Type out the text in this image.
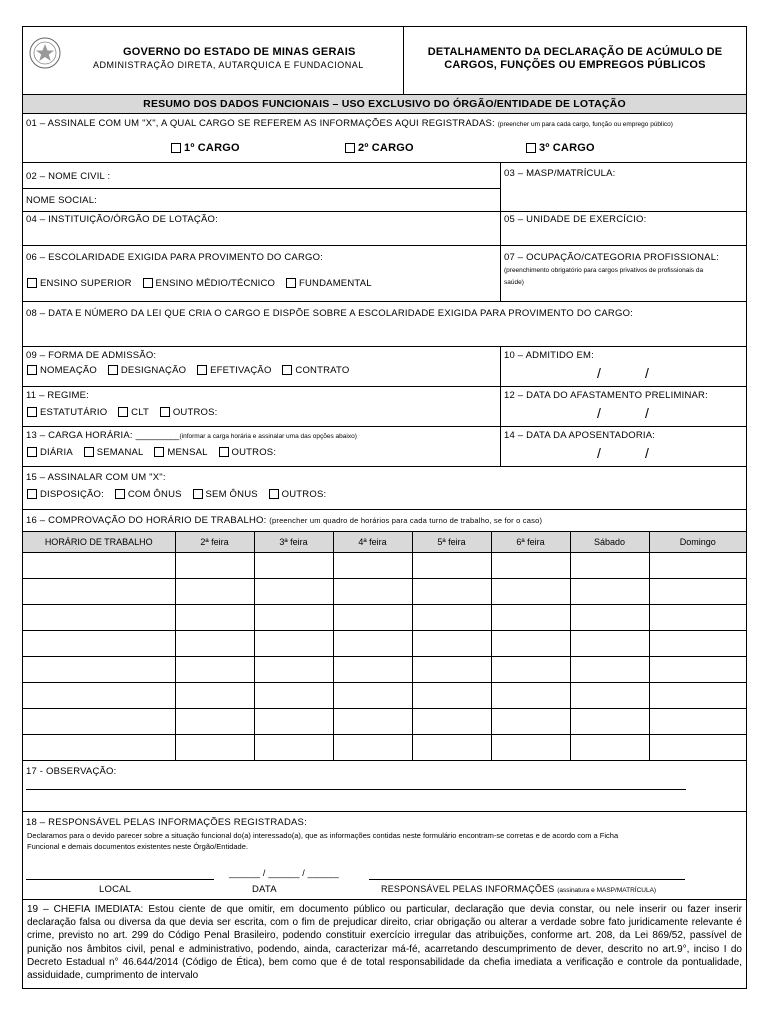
GOVERNO DO ESTADO DE MINAS GERAIS
ADMINISTRAÇÃO DIRETA, AUTARQUICA E FUNDACIONAL
DETALHAMENTO DA DECLARAÇÃO DE ACÚMULO DE
CARGOS, FUNÇÕES OU EMPREGOS PÚBLICOS
RESUMO DOS DADOS FUNCIONAIS – USO EXCLUSIVO DO ÓRGÃO/ENTIDADE DE LOTAÇÃO
01 – ASSINALE COM UM "X", A QUAL CARGO SE REFEREM AS INFORMAÇÕES AQUI REGISTRADAS: (preencher um para cada cargo, função ou emprego público)
1º CARGO	2º CARGO	3º CARGO
02 – NOME CIVIL :
NOME SOCIAL:
03 – MASP/MATRÍCULA:
04 – INSTITUIÇÃO/ÓRGÃO DE LOTAÇÃO:	05 – UNIDADE DE EXERCÍCIO:
06 – ESCOLARIDADE EXIGIDA PARA PROVIMENTO DO CARGO:
ENSINO SUPERIOR	ENSINO MÉDIO/TÉCNICO	FUNDAMENTAL
07 – OCUPAÇÃO/CATEGORIA PROFISSIONAL:
(preenchimento obrigatório para cargos privativos de profissionais da
saúde)
08 – DATA E NÚMERO DA LEI QUE CRIA O CARGO E DISPÕE SOBRE A ESCOLARIDADE EXIGIDA PARA PROVIMENTO DO CARGO:
09 – FORMA DE ADMISSÃO:
NOMEAÇÃO	DESIGNAÇÃO	EFETIVAÇÃO	CONTRATO
10 – ADMITIDO EM:
/	/
11 – REGIME:
ESTATUTÁRIO	CLT	OUTROS:
12 – DATA DO AFASTAMENTO PRELIMINAR:
/	/
13 – CARGA HORÁRIA: ________(informar a carga horária e assinalar uma das opções abaixo)
DIÁRIA	SEMANAL	MENSAL	OUTROS:
14 – DATA DA APOSENTADORIA:
/	/
15 – ASSINALAR COM UM "X":
DISPOSIÇÃO:	COM ÔNUS	SEM ÔNUS	OUTROS:
16 – COMPROVAÇÃO DO HORÁRIO DE TRABALHO: (preencher um quadro de horários para cada turno de trabalho, se for o caso)
HORÁRIO DE TRABALHO	2ª feira	3ª feira	4ª feira	5ª feira	6ª feira	Sábado	Domingo

17 - OBSERVAÇÃO:
18 – RESPONSÁVEL PELAS INFORMAÇÕES REGISTRADAS:
Declaramos para o devido parecer sobre a situação funcional do(a) interessado(a), que as informações contidas neste formulário encontram-se corretas e de acordo com a Ficha
Funcional e demais documentos existentes neste Órgão/Entidade.
______ / ______ / ______
LOCAL	DATA	RESPONSÁVEL PELAS INFORMAÇÕES (assinatura e MASP/MATRÍCULA)
19 – CHEFIA IMEDIATA: Estou ciente de que omitir, em documento público ou particular, declaração que devia constar, ou nele inserir ou fazer inserir declaração falsa ou diversa da que devia ser escrita, com o fim de prejudicar direito, criar obrigação ou alterar a verdade sobre fato juridicamente relevante é crime, previsto no art. 299 do Código Penal Brasileiro, podendo constituir exercício irregular das atribuições, conforme art. 208, da Lei 869/52, passível de punição nos âmbitos civil, penal e administrativo, podendo, ainda, caracterizar má-fé, acarretando descumprimento de dever, descrito no art.9°, inciso I do Decreto Estadual n° 46.644/2014 (Código de Ética), bem como que é de total responsabilidade da chefia imediata a verificação e controle da pontualidade, assiduidade, cumprimento de intervalo
